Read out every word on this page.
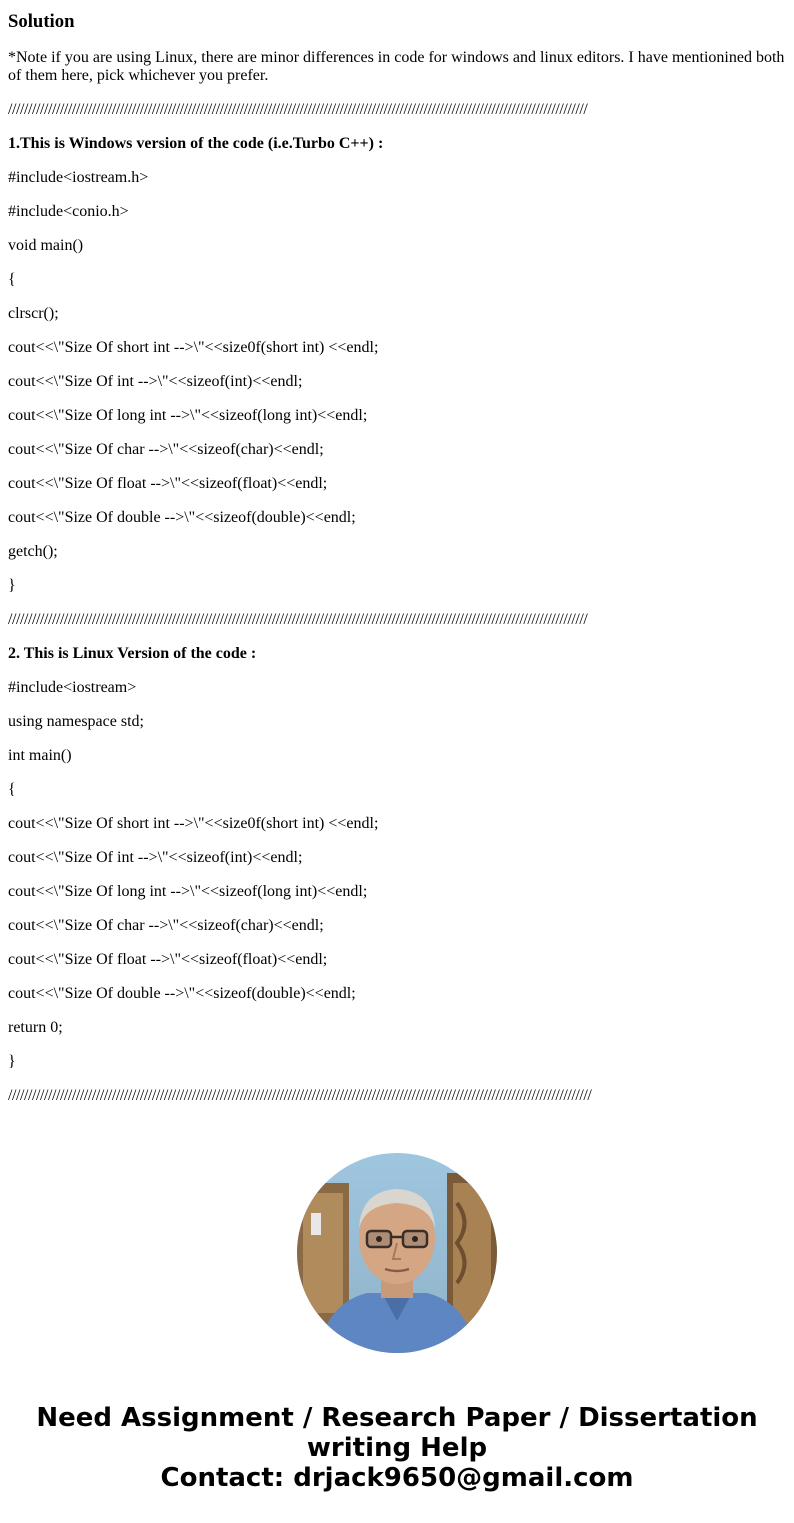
Solution

*Note if you are using Linux, there are minor differences in code for windows and linux editors. I have mentionined both of them here, pick whichever you prefer.

/////////////////////////////////////////////////////////////////////////////////////////////////////////////////////////////////////////////////

1.This is Windows version of the code (i.e.Turbo C++) :

#include<iostream.h>

#include<conio.h>

void main()

{

clrscr();

cout<<\"Size Of short int -->\"<<size0f(short int) <<endl;

cout<<\"Size Of int -->\"<<sizeof(int)<<endl;

cout<<\"Size Of long int -->\"<<sizeof(long int)<<endl;

cout<<\"Size Of char -->\"<<sizeof(char)<<endl;

cout<<\"Size Of float -->\"<<sizeof(float)<<endl;

cout<<\"Size Of double -->\"<<sizeof(double)<<endl;

getch();

}

/////////////////////////////////////////////////////////////////////////////////////////////////////////////////////////////////////////////////

2. This is Linux Version of the code :

#include<iostream>

using namespace std;

int main()

{

cout<<\"Size Of short int -->\"<<size0f(short int) <<endl;

cout<<\"Size Of int -->\"<<sizeof(int)<<endl;

cout<<\"Size Of long int -->\"<<sizeof(long int)<<endl;

cout<<\"Size Of char -->\"<<sizeof(char)<<endl;

cout<<\"Size Of float -->\"<<sizeof(float)<<endl;

cout<<\"Size Of double -->\"<<sizeof(double)<<endl;

return 0;

}

//////////////////////////////////////////////////////////////////////////////////////////////////////////////////////////////////////////////////

Need Assignment / Research Paper / Dissertation
writing Help
Contact: drjack9650@gmail.com
